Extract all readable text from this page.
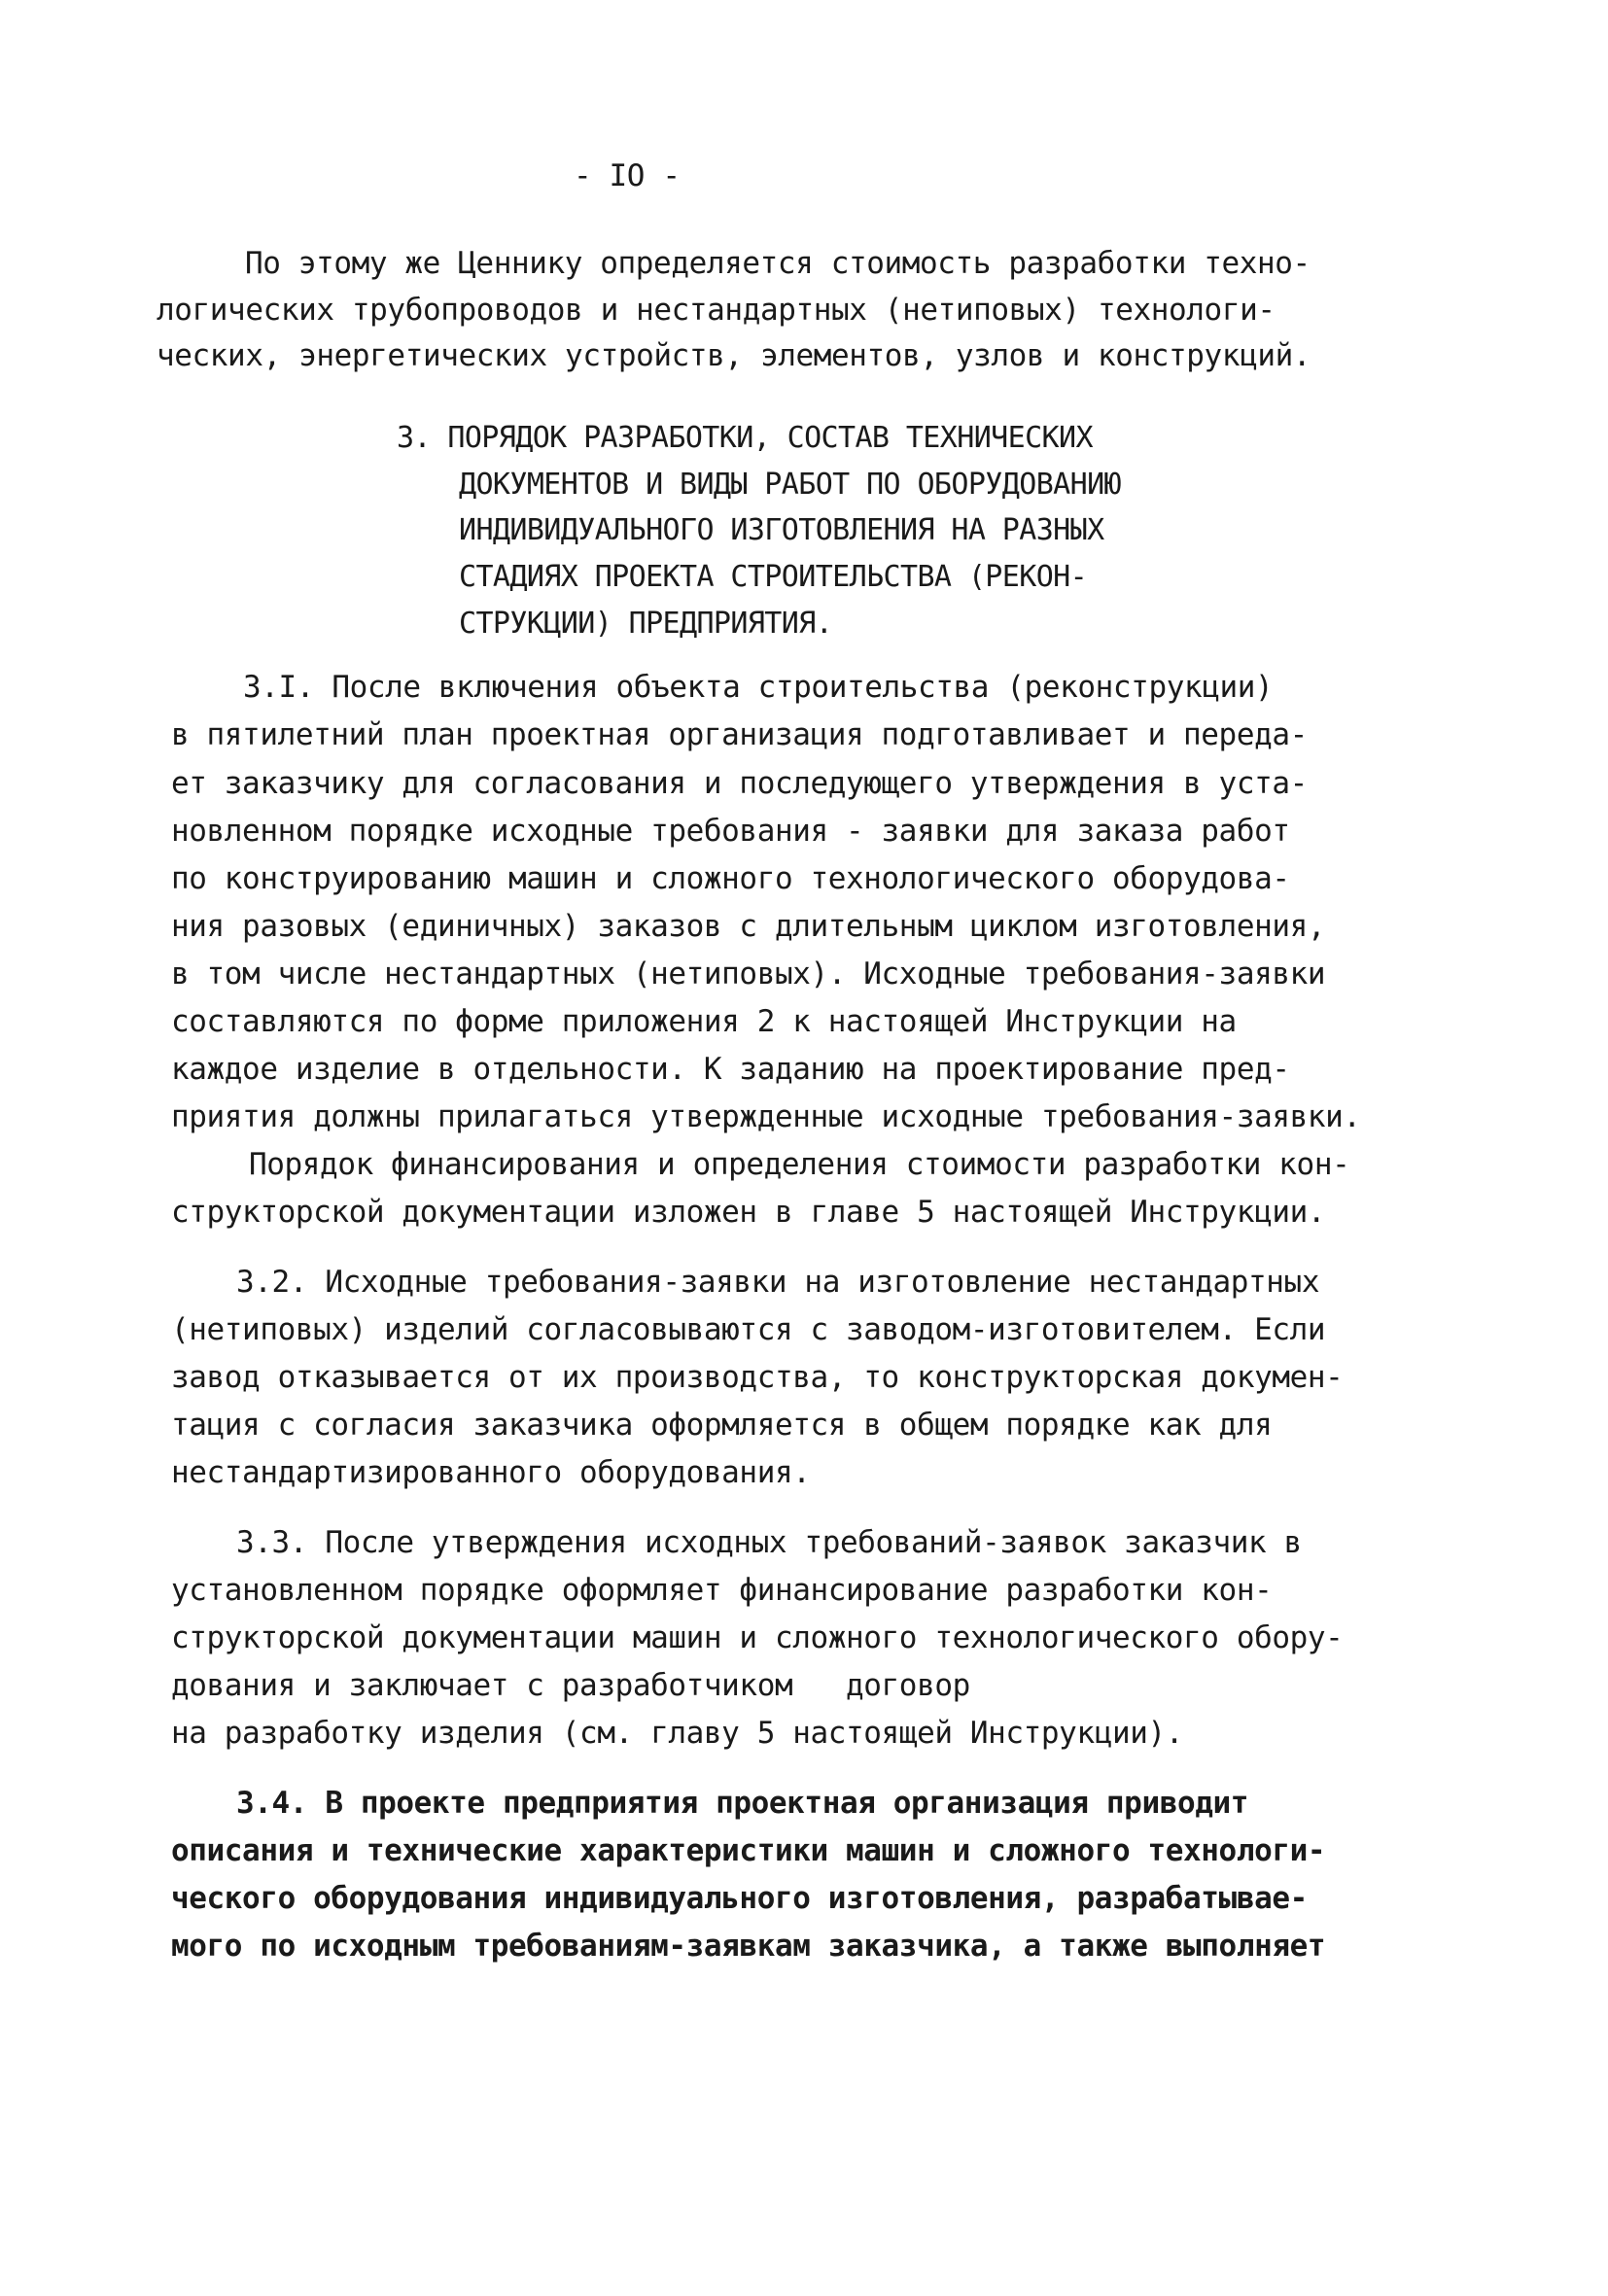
- IO -
По этому же Ценнику определяется стоимость разработки техно-
логических трубопроводов и нестандартных (нетиповых) технологи-
ческих, энергетических устройств, элементов, узлов и конструкций.
3. ПОРЯДОК РАЗРАБОТКИ, СОСТАВ ТЕХНИЧЕСКИХ
ДОКУМЕНТОВ И ВИДЫ РАБОТ ПО ОБОРУДОВАНИЮ
ИНДИВИДУАЛЬНОГО ИЗГОТОВЛЕНИЯ НА РАЗНЫХ
СТАДИЯХ ПРОЕКТА СТРОИТЕЛЬСТВА (РЕКОН-
СТРУКЦИИ) ПРЕДПРИЯТИЯ.
3.I. После включения объекта строительства (реконструкции)
в пятилетний план проектная организация подготавливает и переда-
ет заказчику для согласования и последующего утверждения в уста-
новленном порядке исходные требования - заявки для заказа работ
по конструированию машин и сложного технологического оборудова-
ния разовых (единичных) заказов с длительным циклом изготовления,
в том числе нестандартных (нетиповых). Исходные требования-заявки
составляются по форме приложения 2 к настоящей Инструкции на
каждое изделие в отдельности. К заданию на проектирование пред-
приятия должны прилагаться утвержденные исходные требования-заявки.
Порядок финансирования и определения стоимости разработки кон-
структорской документации изложен в главе 5 настоящей Инструкции.
3.2. Исходные требования-заявки на изготовление нестандартных
(нетиповых) изделий согласовываются с заводом-изготовителем. Если
завод отказывается от их производства, то конструкторская докумен-
тация с согласия заказчика оформляется в общем порядке как для
нестандартизированного оборудования.
3.3. После утверждения исходных требований-заявок заказчик в
установленном порядке оформляет финансирование разработки кон-
структорской документации машин и сложного технологического обору-
дования и заключает с разработчиком   договор
на разработку изделия (см. главу 5 настоящей Инструкции).
3.4. В проекте предприятия проектная организация приводит
описания и технические характеристики машин и сложного технологи-
ческого оборудования индивидуального изготовления, разрабатывае-
мого по исходным требованиям-заявкам заказчика, а также выполняет
